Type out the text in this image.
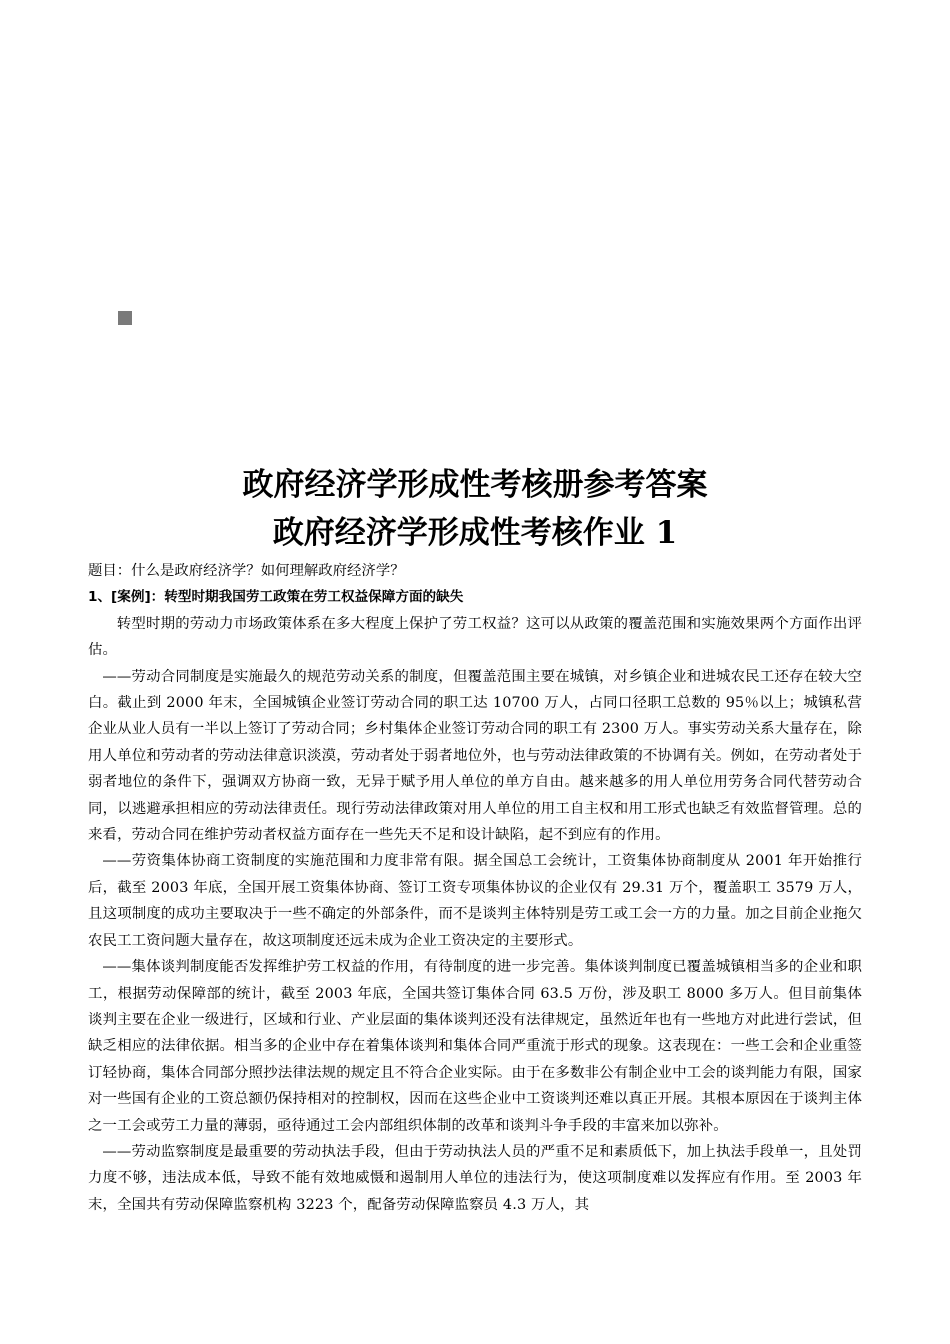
政府经济学形成性考核册参考答案
政府经济学形成性考核作业 1

题目：什么是政府经济学？如何理解政府经济学？

1、[案例]：转型时期我国劳工政策在劳工权益保障方面的缺失

转型时期的劳动力市场政策体系在多大程度上保护了劳工权益？这可以从政策的覆盖范围和实施效果两个方面作出评估。

——劳动合同制度是实施最久的规范劳动关系的制度，但覆盖范围主要在城镇，对乡镇企业和进城农民工还存在较大空白。截止到 2000 年末，全国城镇企业签订劳动合同的职工达 10700 万人，占同口径职工总数的 95％以上；城镇私营企业从业人员有一半以上签订了劳动合同；乡村集体企业签订劳动合同的职工有 2300 万人。事实劳动关系大量存在，除用人单位和劳动者的劳动法律意识淡漠，劳动者处于弱者地位外，也与劳动法律政策的不协调有关。例如，在劳动者处于弱者地位的条件下，强调双方协商一致，无异于赋予用人单位的单方自由。越来越多的用人单位用劳务合同代替劳动合同，以逃避承担相应的劳动法律责任。现行劳动法律政策对用人单位的用工自主权和用工形式也缺乏有效监督管理。总的来看，劳动合同在维护劳动者权益方面存在一些先天不足和设计缺陷，起不到应有的作用。

——劳资集体协商工资制度的实施范围和力度非常有限。据全国总工会统计，工资集体协商制度从 2001 年开始推行后，截至 2003 年底，全国开展工资集体协商、签订工资专项集体协议的企业仅有 29.31 万个，覆盖职工 3579 万人，且这项制度的成功主要取决于一些不确定的外部条件，而不是谈判主体特别是劳工或工会一方的力量。加之目前企业拖欠农民工工资问题大量存在，故这项制度还远未成为企业工资决定的主要形式。

——集体谈判制度能否发挥维护劳工权益的作用，有待制度的进一步完善。集体谈判制度已覆盖城镇相当多的企业和职工，根据劳动保障部的统计，截至 2003 年底，全国共签订集体合同 63.5 万份，涉及职工 8000 多万人。但目前集体谈判主要在企业一级进行，区域和行业、产业层面的集体谈判还没有法律规定，虽然近年也有一些地方对此进行尝试，但缺乏相应的法律依据。相当多的企业中存在着集体谈判和集体合同严重流于形式的现象。这表现在：一些工会和企业重签订轻协商，集体合同部分照抄法律法规的规定且不符合企业实际。由于在多数非公有制企业中工会的谈判能力有限，国家对一些国有企业的工资总额仍保持相对的控制权，因而在这些企业中工资谈判还难以真正开展。其根本原因在于谈判主体之一工会或劳工力量的薄弱，亟待通过工会内部组织体制的改革和谈判斗争手段的丰富来加以弥补。

——劳动监察制度是最重要的劳动执法手段，但由于劳动执法人员的严重不足和素质低下，加上执法手段单一，且处罚力度不够，违法成本低，导致不能有效地威慑和遏制用人单位的违法行为，使这项制度难以发挥应有作用。至 2003 年末，全国共有劳动保障监察机构 3223 个，配备劳动保障监察员 4.3 万人，其
